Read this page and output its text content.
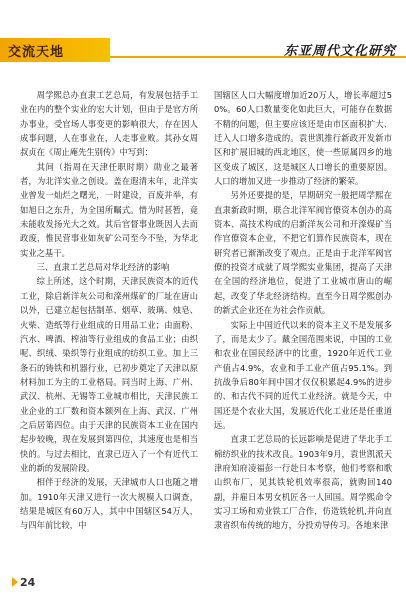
交流天地	东亚周代文化研究

周学熙总办直隶工艺总局，有发展包括手工业在内的整个实业的宏大计划，但由于是官方所办事业，受官场人事变更的影响很大，存在因人成事问题，人在事业在，人走事业败。其孙女周叔贞在《周止庵先生别传》中写到：

其间（指周在天津任职时期）勋业之最著者，为北洋实业之创设。盖在遐清末年，北洋实业曾发一灿烂之曙光，一时建设，百废并举，有如旭日之东升，为全国所瞩式。惜为时甚暂，竟未能收发扬光大之效。其后官督事业既因人去而政废，惟民营事业如灰矿公司至今不坠，为华北实业之基干。

三、直隶工艺总局对华北经济的影响

综上所述，这个时期，天津民族资本的近代工业，除启新洋灰公司和滦州煤矿的厂址在唐山以外，已建立起包括制革、烟草、玻璃、烛皂、火柴、造纸等行业组成的日用品工业；由面粉、汽水、啤酒、榨油等行业组成的食品工业；由织呢、织绒、染织等行业组成的纺织工业。加上三条石的铸铁和机器行业，已初步奠定了天津以原材料加工为主的工业格局。同当时上海、广州、武汉、杭州、无锡等工业城市相比，天津民族工业企业的工厂数和资本额列在上海、武汉、广州之后居第四位。由于天津的民族资本工业在国内起步较晚，现在发展到第四位，其速度也是相当快的。与过去相比，直隶已迈入了一个有近代工业的新的发展阶段。

相伴于经济的发展，天津城市人口也随之增加。1910年天津又进行一次大规模人口调查，结果是城区有60万人，其中中国辖区54万人，与四年前比较，中

国辖区人口大幅度增加近20万人，增长率超过50%。60人口数量变化如此巨大，可能存在数据不精的问题，但主要应该还是由市区面积扩大、迁入人口增多造成的。袁世凯推行新政开发新市区和扩展旧城的西北地区，使一些原属四乡的地区变成了城区，这是城区人口增长的重要原因。人口的增加又进一步推动了经济的繁荣。

另外还要提的是，早期研究一般把周学熙在直隶新政时期，联合北洋军阀官僚资本创办的高资本、高技术构成的启新洋灰公司和开滦煤矿当作官僚资本企业，不把它们算作民族资本，现在研究者已渐渐改变了观点。正是由于北洋军阀官僚的投资才成就了周学熙实业集团，提高了天津在全国的经济地位，促进了工业城市唐山的崛起，改变了华北经济结构。直至今日周学熙创办的新式企业还在为社会作贡献。

实际上中国近代以来的资本主义不是发展多了，而是太少了。戴全国范围来说，中国的工业和农业在国民经济中的比重，1920年近代工业产值占4.9%，农业和手工业产值占95.1%。到抗战争后80年间中国才仅仅积累起4.9%的进步的、和古代不同的近代工业经济。就是今天，中国还是个农业大国，发展近代化工业还是任重道远。

直隶工艺总局的长远影响是促进了华北手工棉纺织业的技术改良。1903年9月，袁世凯派天津府知府凌福彭一行赴日本考察，他们考察和歌山织布厂，见其铁轮机效率很高，就购回140副，并雇日本男女机匠各一人回国。周学熙命令实习工场和劝业铁工厂合作，仿造铁轮机,并向直隶省织布传统的地方，分投劝导传习。各地来津

24
